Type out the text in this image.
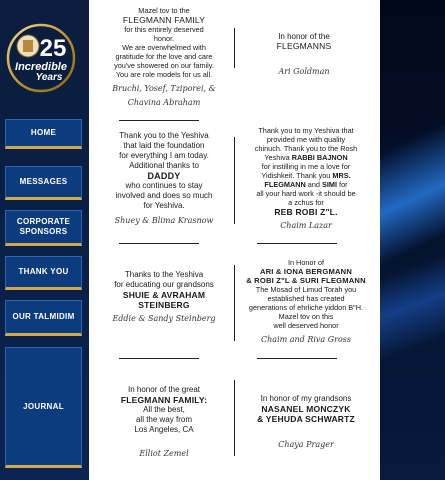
25
Incredible
Years
HOME
MESSAGES
CORPORATE SPONSORS
THANK YOU
OUR TALMIDIM
JOURNAL
Mazel tov to the
FLEGMANN FAMILY
for this entirely deserved
honor.
We are overwhelmed with
gratitude for the love and care
you've showered on our family.
You are role models for us all.
Bruchi, Yosef, Tziporei, &
Chavina Abraham
In honor of the
FLEGMANNS
Ari Goldman
Thank you to the Yeshiva
that laid the foundation
for everything I am today.
Additional thanks to
DADDY
who continues to stay
involved and does so much
for Yeshiva.
Shuey & Blima Krasnow
Thank you to my Yeshiva that
provided me with quality
chinuch. Thank you to the Rosh
Yeshiva RABBI BAJNON
for instilling in me a love for
Yidishkeit. Thank you MRS.
FLEGMANN and SIMI for
all your hard work -it should be
a zchus for
REB ROBI Z"L.
Chaim Lazar
Thanks to the Yeshiva
for educating our grandsons
SHUIE & AVRAHAM
STEINBERG
Eddie & Sandy Steinberg
In Honor of
ARI & IONA BERGMANN
& ROBI Z"L & SURI FLEGMANN
The Mosad of Limud Torah you
established has created
generations of ehrliche yiddon B"H.
Mazel tov on this
well deserved honor
Chaim and Riva Gross
In honor of the great
FLEGMANN FAMILY:
All the best,
all the way from
Los Angeles, CA
Elliot Zemel
In honor of my grandsons
NASANEL MONCZYK
& YEHUDA SCHWARTZ
Chaya Prager
